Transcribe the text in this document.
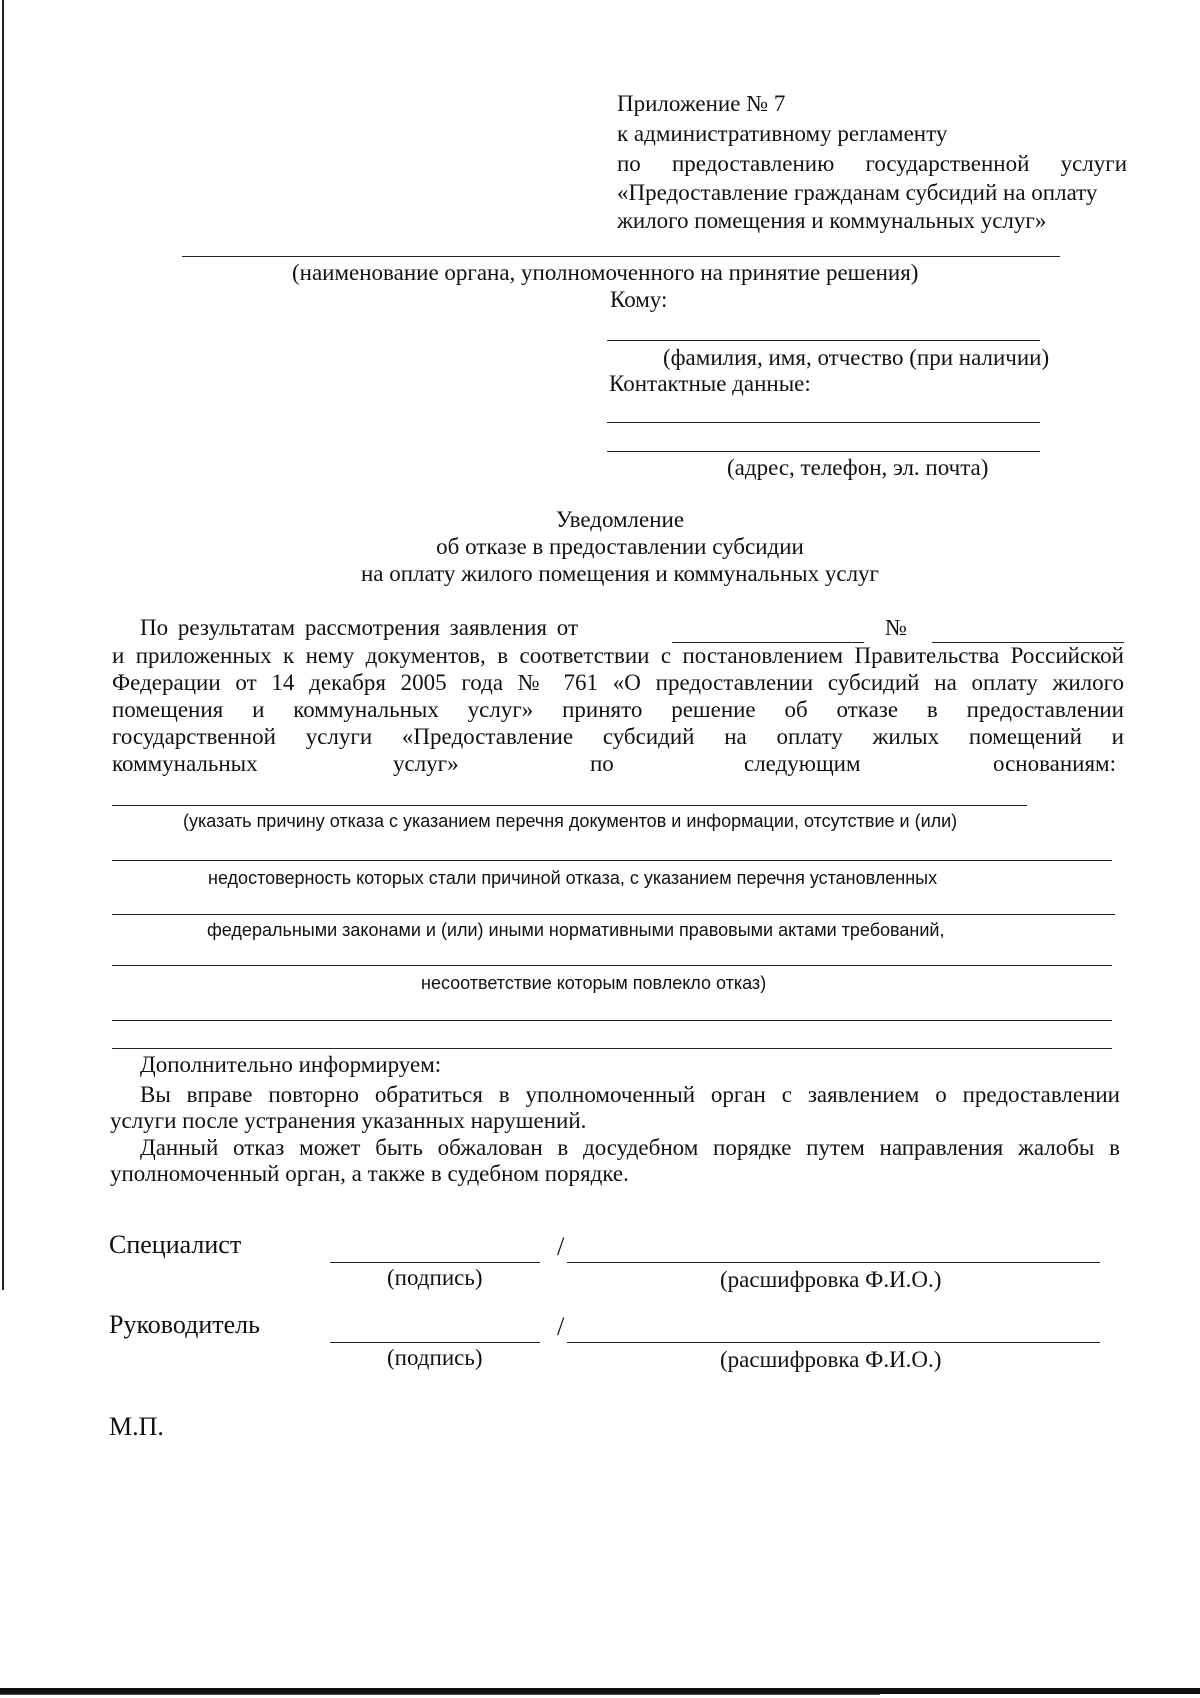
Приложение № 7
к административному регламенту
по предоставлению государственной услуги
«Предоставление гражданам субсидий на оплату
жилого помещения и коммунальных услуг»
(наименование органа, уполномоченного на принятие решения)
Кому:
(фамилия, имя, отчество (при наличии)
Контактные данные:
(адрес, телефон, эл. почта)
Уведомление
об отказе в предоставлении субсидии
на оплату жилого помещения и коммунальных услуг
По результатам рассмотрения заявления от	№
и приложенных к нему документов, в соответствии с постановлением Правительства Российской
Федерации от 14 декабря 2005 года № 761 «О предоставлении субсидий на оплату жилого
помещения и коммунальных услуг» принято решение об отказе в предоставлении
государственной услуги «Предоставление субсидий на оплату жилых помещений и
коммунальных	услуг»	по	следующим	основаниям:
(указать причину отказа с указанием перечня документов и информации, отсутствие и (или)
недостоверность которых стали причиной отказа, с указанием перечня установленных
федеральными законами и (или) иными нормативными правовыми актами требований,
несоответствие которым повлекло отказ)
Дополнительно информируем:
Вы вправе повторно обратиться в уполномоченный орган с заявлением о предоставлении
услуги после устранения указанных нарушений.
Данный отказ может быть обжалован в досудебном порядке путем направления жалобы в
уполномоченный орган, а также в судебном порядке.
Специалист	/
(подпись)	(расшифровка Ф.И.О.)
Руководитель	/
(подпись)	(расшифровка Ф.И.О.)
М.П.
